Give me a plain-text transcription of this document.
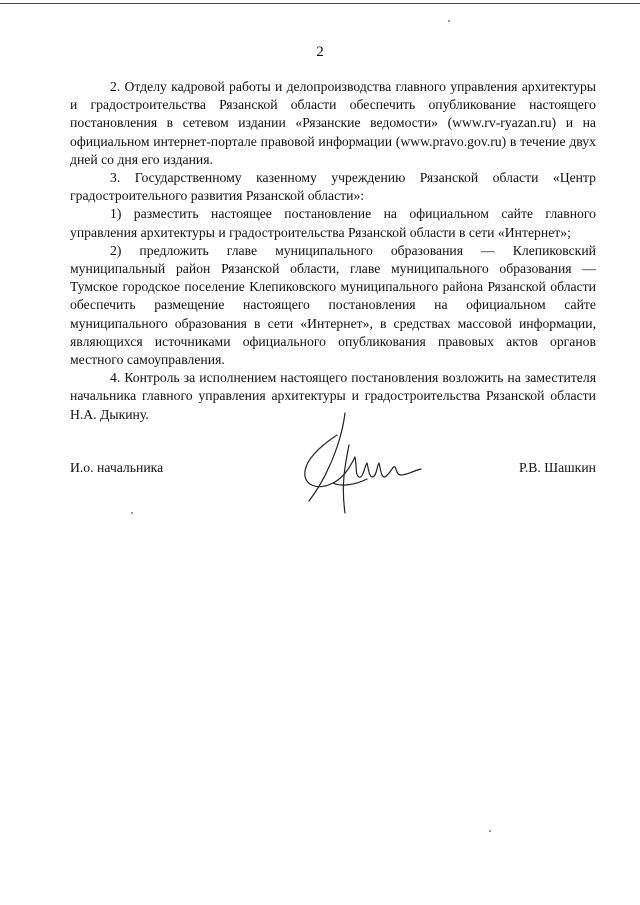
2

2. Отделу кадровой работы и делопроизводства главного управления архитектуры и градостроительства Рязанской области обеспечить опубликование настоящего постановления в сетевом издании «Рязанские ведомости» (www.rv-ryazan.ru) и на официальном интернет-портале правовой информации (www.pravo.gov.ru) в течение двух дней со дня его издания.

3. Государственному казенному учреждению Рязанской области «Центр градостроительного развития Рязанской области»:

1) разместить настоящее постановление на официальном сайте главного управления архитектуры и градостроительства Рязанской области в сети «Интернет»;

2) предложить главе муниципального образования — Клепиковский муниципальный район Рязанской области, главе муниципального образования — Тумское городское поселение Клепиковского муниципального района Рязанской области обеспечить размещение настоящего постановления на официальном сайте муниципального образования в сети «Интернет», в средствах массовой информации, являющихся источниками официального опубликования правовых актов органов местного самоуправления.

4. Контроль за исполнением настоящего постановления возложить на заместителя начальника главного управления архитектуры и градостроительства Рязанской области Н.А. Дыкину.

И.о. начальника	Р.В. Шашкин
